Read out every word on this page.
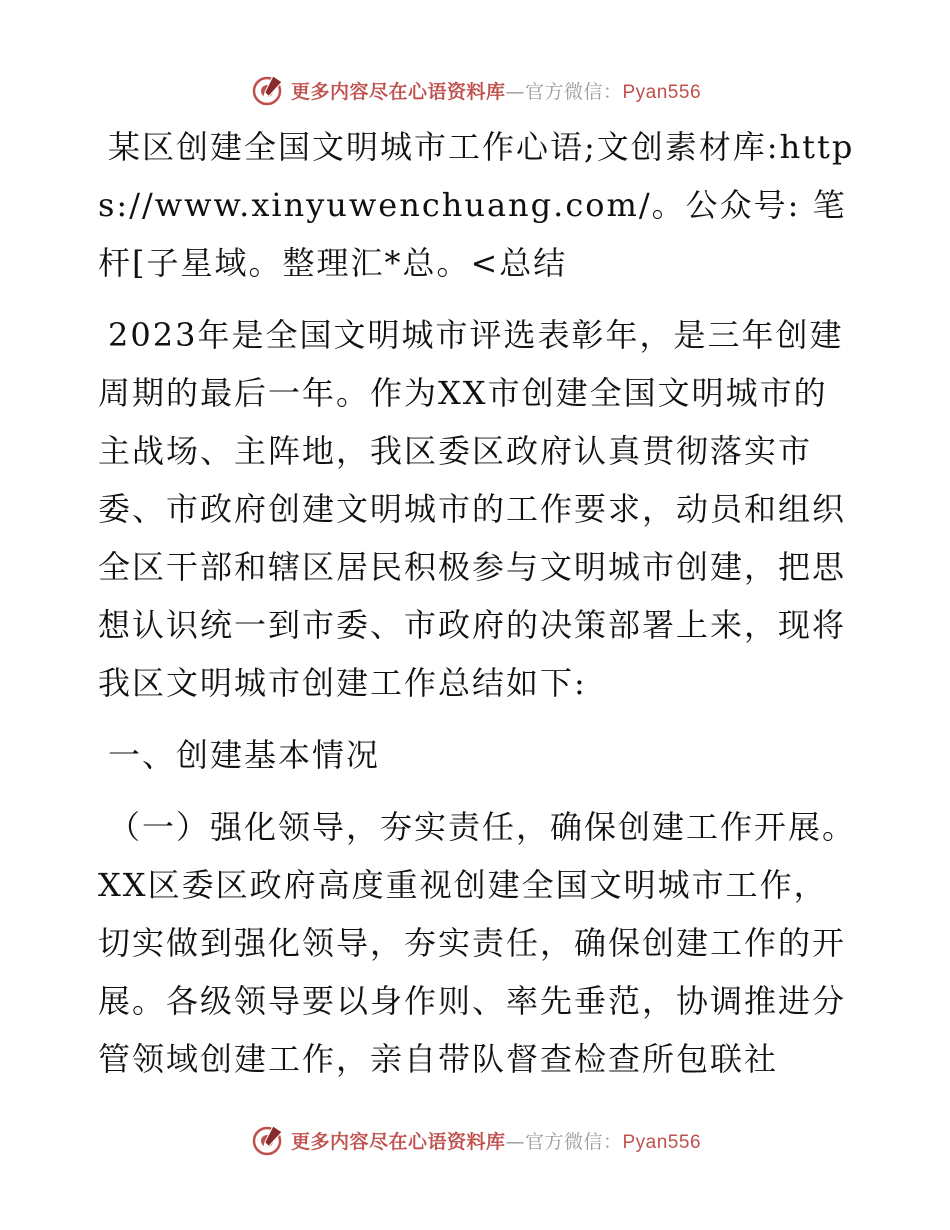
更多内容尽在心语资料库—官方微信：Pyan556

某区创建全国文明城市工作心语;文创素材库:https://www.xinyuwenchuang.com/。公众号: 笔杆[子星域。整理汇*总。<总结

2023年是全国文明城市评选表彰年，是三年创建周期的最后一年。作为XX市创建全国文明城市的主战场、主阵地，我区委区政府认真贯彻落实市委、市政府创建文明城市的工作要求，动员和组织全区干部和辖区居民积极参与文明城市创建，把思想认识统一到市委、市政府的决策部署上来，现将我区文明城市创建工作总结如下:

一、创建基本情况

（一）强化领导，夯实责任，确保创建工作开展。XX区委区政府高度重视创建全国文明城市工作，切实做到强化领导，夯实责任，确保创建工作的开展。各级领导要以身作则、率先垂范，协调推进分管领域创建工作，亲自带队督查检查所包联社

更多内容尽在心语资料库—官方微信：Pyan556
